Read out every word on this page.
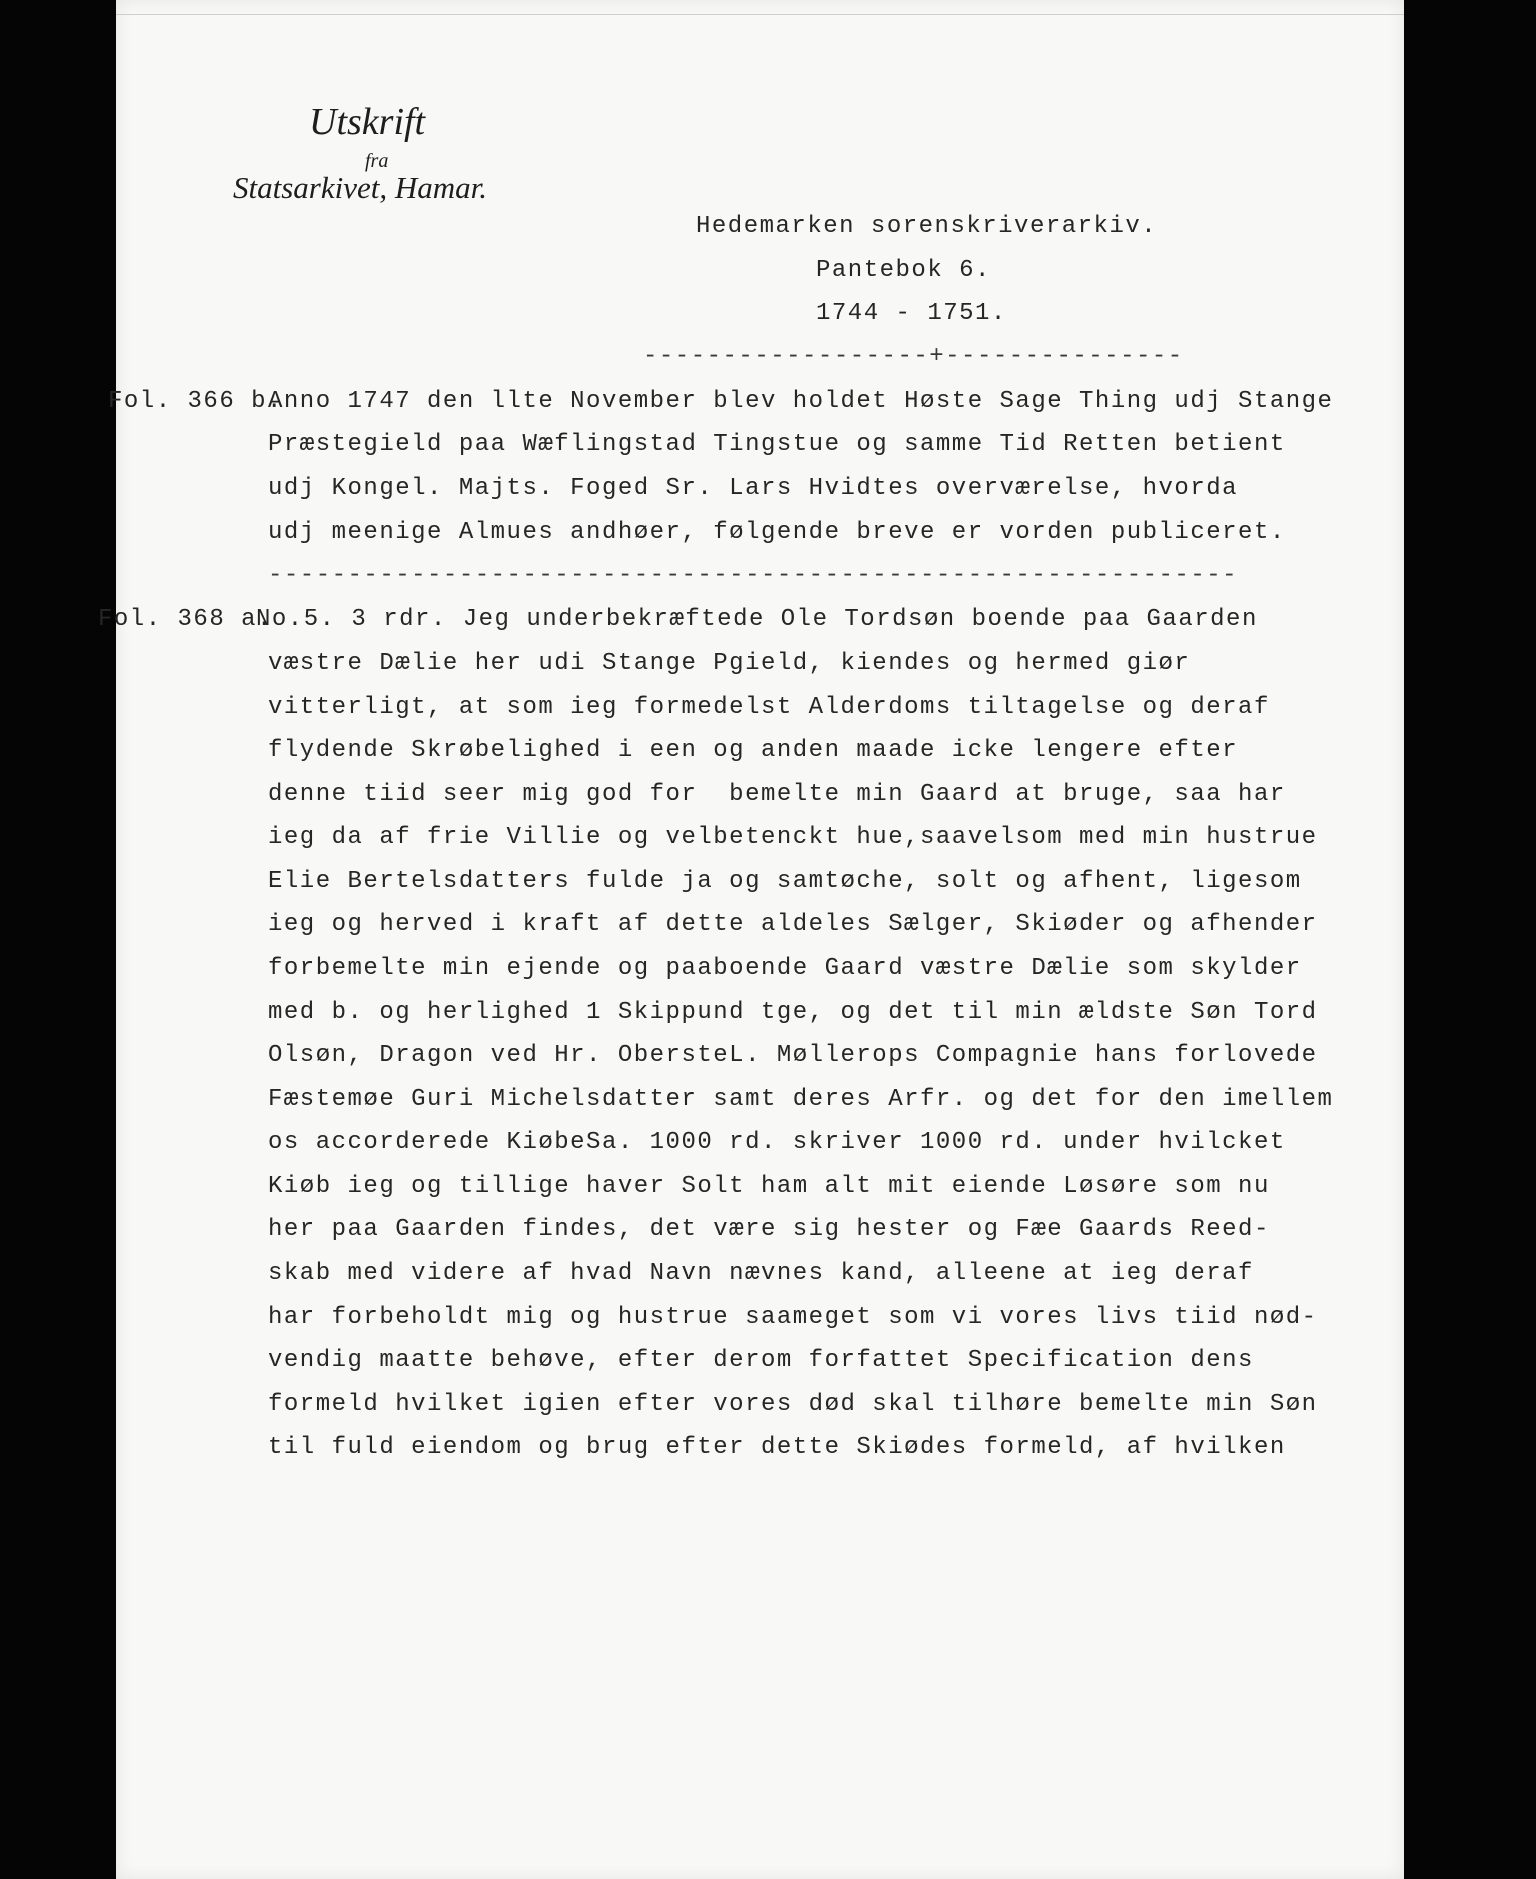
Utskrift

fra

Statsarkivet, Hamar.

Hedemarken sorenskriverarkiv.

Pantebok 6.

1744 - 1751.

------------------+---------------

Fol. 366 b.

Anno 1747 den llte November blev holdet Høste Sage Thing udj Stange

Præstegield paa Wæflingstad Tingstue og samme Tid Retten betient

udj Kongel. Majts. Foged Sr. Lars Hvidtes overværelse, hvorda

udj meenige Almues andhøer, følgende breve er vorden publiceret.

-------------------------------------------------------------

Fol. 368 a.

No.5. 3 rdr. Jeg underbekræftede Ole Tordsøn boende paa Gaarden

væstre Dælie her udi Stange Pgield, kiendes og hermed giør

vitterligt, at som ieg formedelst Alderdoms tiltagelse og deraf

flydende Skrøbelighed i een og anden maade icke lengere efter

denne tiid seer mig god for  bemelte min Gaard at bruge, saa har

ieg da af frie Villie og velbetenckt hue,saavelsom med min hustrue

Elie Bertelsdatters fulde ja og samtøche, solt og afhent, ligesom

ieg og herved i kraft af dette aldeles Sælger, Skiøder og afhender

forbemelte min ejende og paaboende Gaard væstre Dælie som skylder

med b. og herlighed 1 Skippund tge, og det til min ældste Søn Tord

Olsøn, Dragon ved Hr. ObersteL. Møllerops Compagnie hans forlovede

Fæstemøe Guri Michelsdatter samt deres Arfr. og det for den imellem

os accorderede KiøbeSa. 1000 rd. skriver 1000 rd. under hvilcket

Kiøb ieg og tillige haver Solt ham alt mit eiende Løsøre som nu

her paa Gaarden findes, det være sig hester og Fæe Gaards Reed-

skab med videre af hvad Navn nævnes kand, alleene at ieg deraf

har forbeholdt mig og hustrue saameget som vi vores livs tiid nød-

vendig maatte behøve, efter derom forfattet Specification dens

formeld hvilket igien efter vores død skal tilhøre bemelte min Søn

til fuld eiendom og brug efter dette Skiødes formeld, af hvilken
